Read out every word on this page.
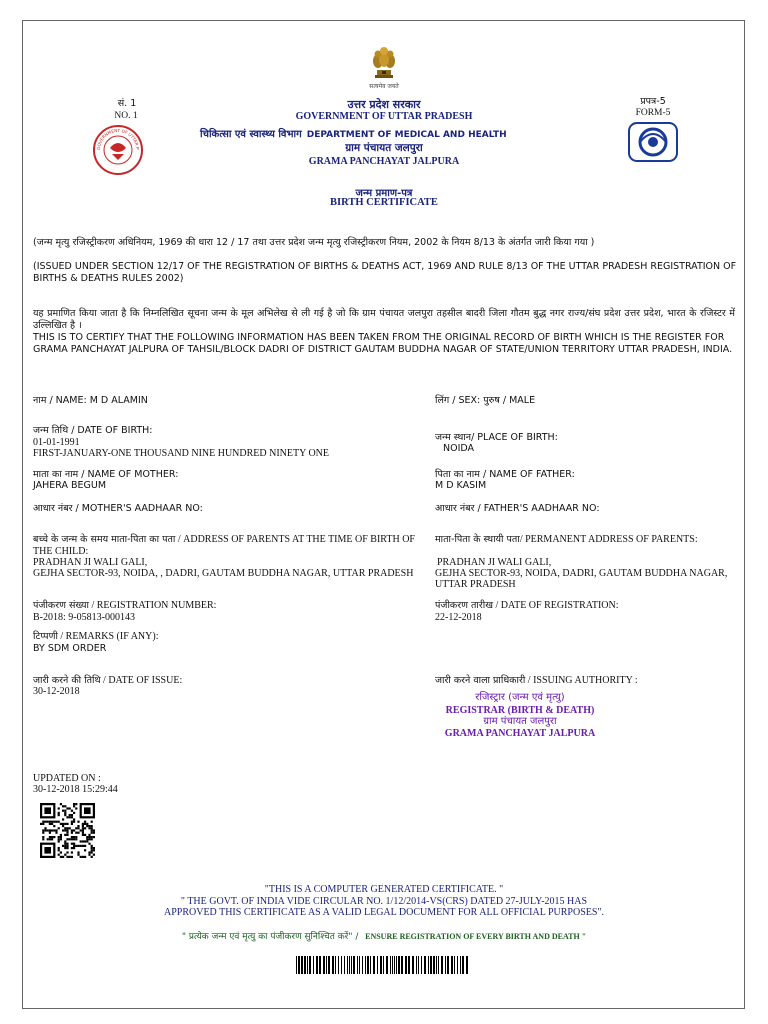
सत्यमेव जयते
सं. 1
NO. 1
GOVERNMENT OF UTTAR P
उत्तर प्रदेश सरकार
GOVERNMENT OF UTTAR PRADESH
चिकित्सा एवं स्वास्थ्य विभाग DEPARTMENT OF MEDICAL AND HEALTH
ग्राम पंचायत जलपुरा
GRAMA PANCHAYAT JALPURA
प्रपत्र-5
FORM-5
जन्म प्रमाण-पत्र
BIRTH CERTIFICATE
(जन्म मृत्यु रजिस्ट्रीकरण अधिनियम, 1969 की धारा 12 / 17 तथा उत्तर प्रदेश जन्म मृत्यु रजिस्ट्रीकरण नियम, 2002 के नियम 8/13 के अंतर्गत जारी किया गया )
(ISSUED UNDER SECTION 12/17 OF THE REGISTRATION OF BIRTHS & DEATHS ACT, 1969 AND RULE 8/13 OF THE UTTAR PRADESH REGISTRATION OF BIRTHS & DEATHS RULES 2002)
यह प्रमाणित किया जाता है कि निम्नलिखित सूचना जन्म के मूल अभिलेख से ली गई है जो कि ग्राम पंचायत जलपुरा तहसील बादरी जिला गौतम बुद्ध नगर राज्य/संघ प्रदेश उत्तर प्रदेश, भारत के रजिस्टर में उल्लिखित है ।
THIS IS TO CERTIFY THAT THE FOLLOWING INFORMATION HAS BEEN TAKEN FROM THE ORIGINAL RECORD OF BIRTH WHICH IS THE REGISTER FOR GRAMA PANCHAYAT JALPURA OF TAHSIL/BLOCK DADRI OF DISTRICT GAUTAM BUDDHA NAGAR OF STATE/UNION TERRITORY UTTAR PRADESH, INDIA.
नाम / NAME: M D ALAMIN	लिंग / SEX: पुरुष / MALE
जन्म तिथि / DATE OF BIRTH:
01-01-1991
FIRST-JANUARY-ONE THOUSAND NINE HUNDRED NINETY ONE
जन्म स्थान/ PLACE OF BIRTH:
NOIDA
माता का नाम / NAME OF MOTHER:
JAHERA BEGUM
पिता का नाम / NAME OF FATHER:
M D KASIM
आधार नंबर / MOTHER'S AADHAAR NO:	आधार नंबर / FATHER'S AADHAAR NO:
बच्चे के जन्म के समय माता-पिता का पता / ADDRESS OF PARENTS AT THE TIME OF BIRTH OF THE CHILD:
PRADHAN JI WALI GALI,
GEJHA SECTOR-93, NOIDA, , DADRI, GAUTAM BUDDHA NAGAR, UTTAR PRADESH
माता-पिता के स्थायी पता/ PERMANENT ADDRESS OF PARENTS:
PRADHAN JI WALI GALI,
GEJHA SECTOR-93, NOIDA, DADRI, GAUTAM BUDDHA NAGAR,
UTTAR PRADESH
पंजीकरण संख्या / REGISTRATION NUMBER:
B-2018: 9-05813-000143
पंजीकरण तारीख / DATE OF REGISTRATION:
22-12-2018
टिप्पणी / REMARKS (IF ANY):
BY SDM ORDER
जारी करने की तिथि / DATE OF ISSUE:
30-12-2018
जारी करने वाला प्राधिकारी / ISSUING AUTHORITY :
रजिस्ट्रार (जन्म एवं मृत्यु)
REGISTRAR (BIRTH & DEATH)
ग्राम पंचायत जलपुरा
GRAMA PANCHAYAT JALPURA
UPDATED ON :
30-12-2018 15:29:44
"THIS IS A COMPUTER GENERATED CERTIFICATE. "
" THE GOVT. OF INDIA VIDE CIRCULAR NO. 1/12/2014-VS(CRS) DATED 27-JULY-2015 HAS
APPROVED THIS CERTIFICATE AS A VALID LEGAL DOCUMENT FOR ALL OFFICIAL PURPOSES".
" प्रत्येक जन्म एवं मृत्यु का पंजीकरण सुनिश्चित करें" / ENSURE REGISTRATION OF EVERY BIRTH AND DEATH "
